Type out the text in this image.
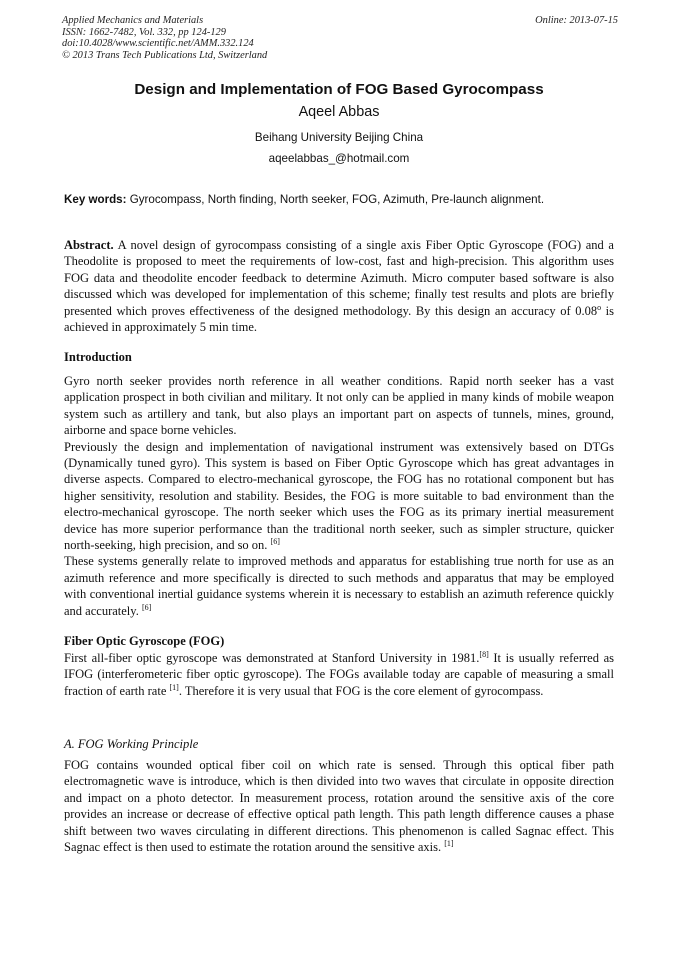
Applied Mechanics and Materials
ISSN: 1662-7482, Vol. 332, pp 124-129
doi:10.4028/www.scientific.net/AMM.332.124
© 2013 Trans Tech Publications Ltd, Switzerland
Online: 2013-07-15
Design and Implementation of FOG Based Gyrocompass
Aqeel Abbas
Beihang University Beijing China
aqeelabbas_@hotmail.com
Key words: Gyrocompass, North finding, North seeker, FOG, Azimuth, Pre-launch alignment.

Abstract. A novel design of gyrocompass consisting of a single axis Fiber Optic Gyroscope (FOG) and a Theodolite is proposed to meet the requirements of low-cost, fast and high-precision. This algorithm uses FOG data and theodolite encoder feedback to determine Azimuth. Micro computer based software is also discussed which was developed for implementation of this scheme; finally test results and plots are briefly presented which proves effectiveness of the designed methodology. By this design an accuracy of 0.08$^o$ is achieved in approximately 5 min time.

Introduction

Gyro north seeker provides north reference in all weather conditions. Rapid north seeker has a vast application prospect in both civilian and military. It not only can be applied in many kinds of mobile weapon system such as artillery and tank, but also plays an important part on aspects of tunnels, mines, ground, airborne and space borne vehicles.

Previously the design and implementation of navigational instrument was extensively based on DTGs (Dynamically tuned gyro). This system is based on Fiber Optic Gyroscope which has great advantages in diverse aspects. Compared to electro-mechanical gyroscope, the FOG has no rotational component but has higher sensitivity, resolution and stability. Besides, the FOG is more suitable to bad environment than the electro-mechanical gyroscope. The north seeker which uses the FOG as its primary inertial measurement device has more superior performance than the traditional north seeker, such as simpler structure, quicker north-seeking, high precision, and so on. [6]

These systems generally relate to improved methods and apparatus for establishing true north for use as an azimuth reference and more specifically is directed to such methods and apparatus that may be employed with conventional inertial guidance systems wherein it is necessary to establish an azimuth reference quickly and accurately. [6]

Fiber Optic Gyroscope (FOG)

First all-fiber optic gyroscope was demonstrated at Stanford University in 1981.[8] It is usually referred as IFOG (interferometeric fiber optic gyroscope). The FOGs available today are capable of measuring a small fraction of earth rate [1]. Therefore it is very usual that FOG is the core element of gyrocompass.

A. FOG Working Principle

FOG contains wounded optical fiber coil on which rate is sensed. Through this optical fiber path electromagnetic wave is introduce, which is then divided into two waves that circulate in opposite direction and impact on a photo detector. In measurement process, rotation around the sensitive axis of the core provides an increase or decrease of effective optical path length. This path length difference causes a phase shift between two waves circulating in different directions. This phenomenon is called Sagnac effect. This Sagnac effect is then used to estimate the rotation around the sensitive axis. [1]
